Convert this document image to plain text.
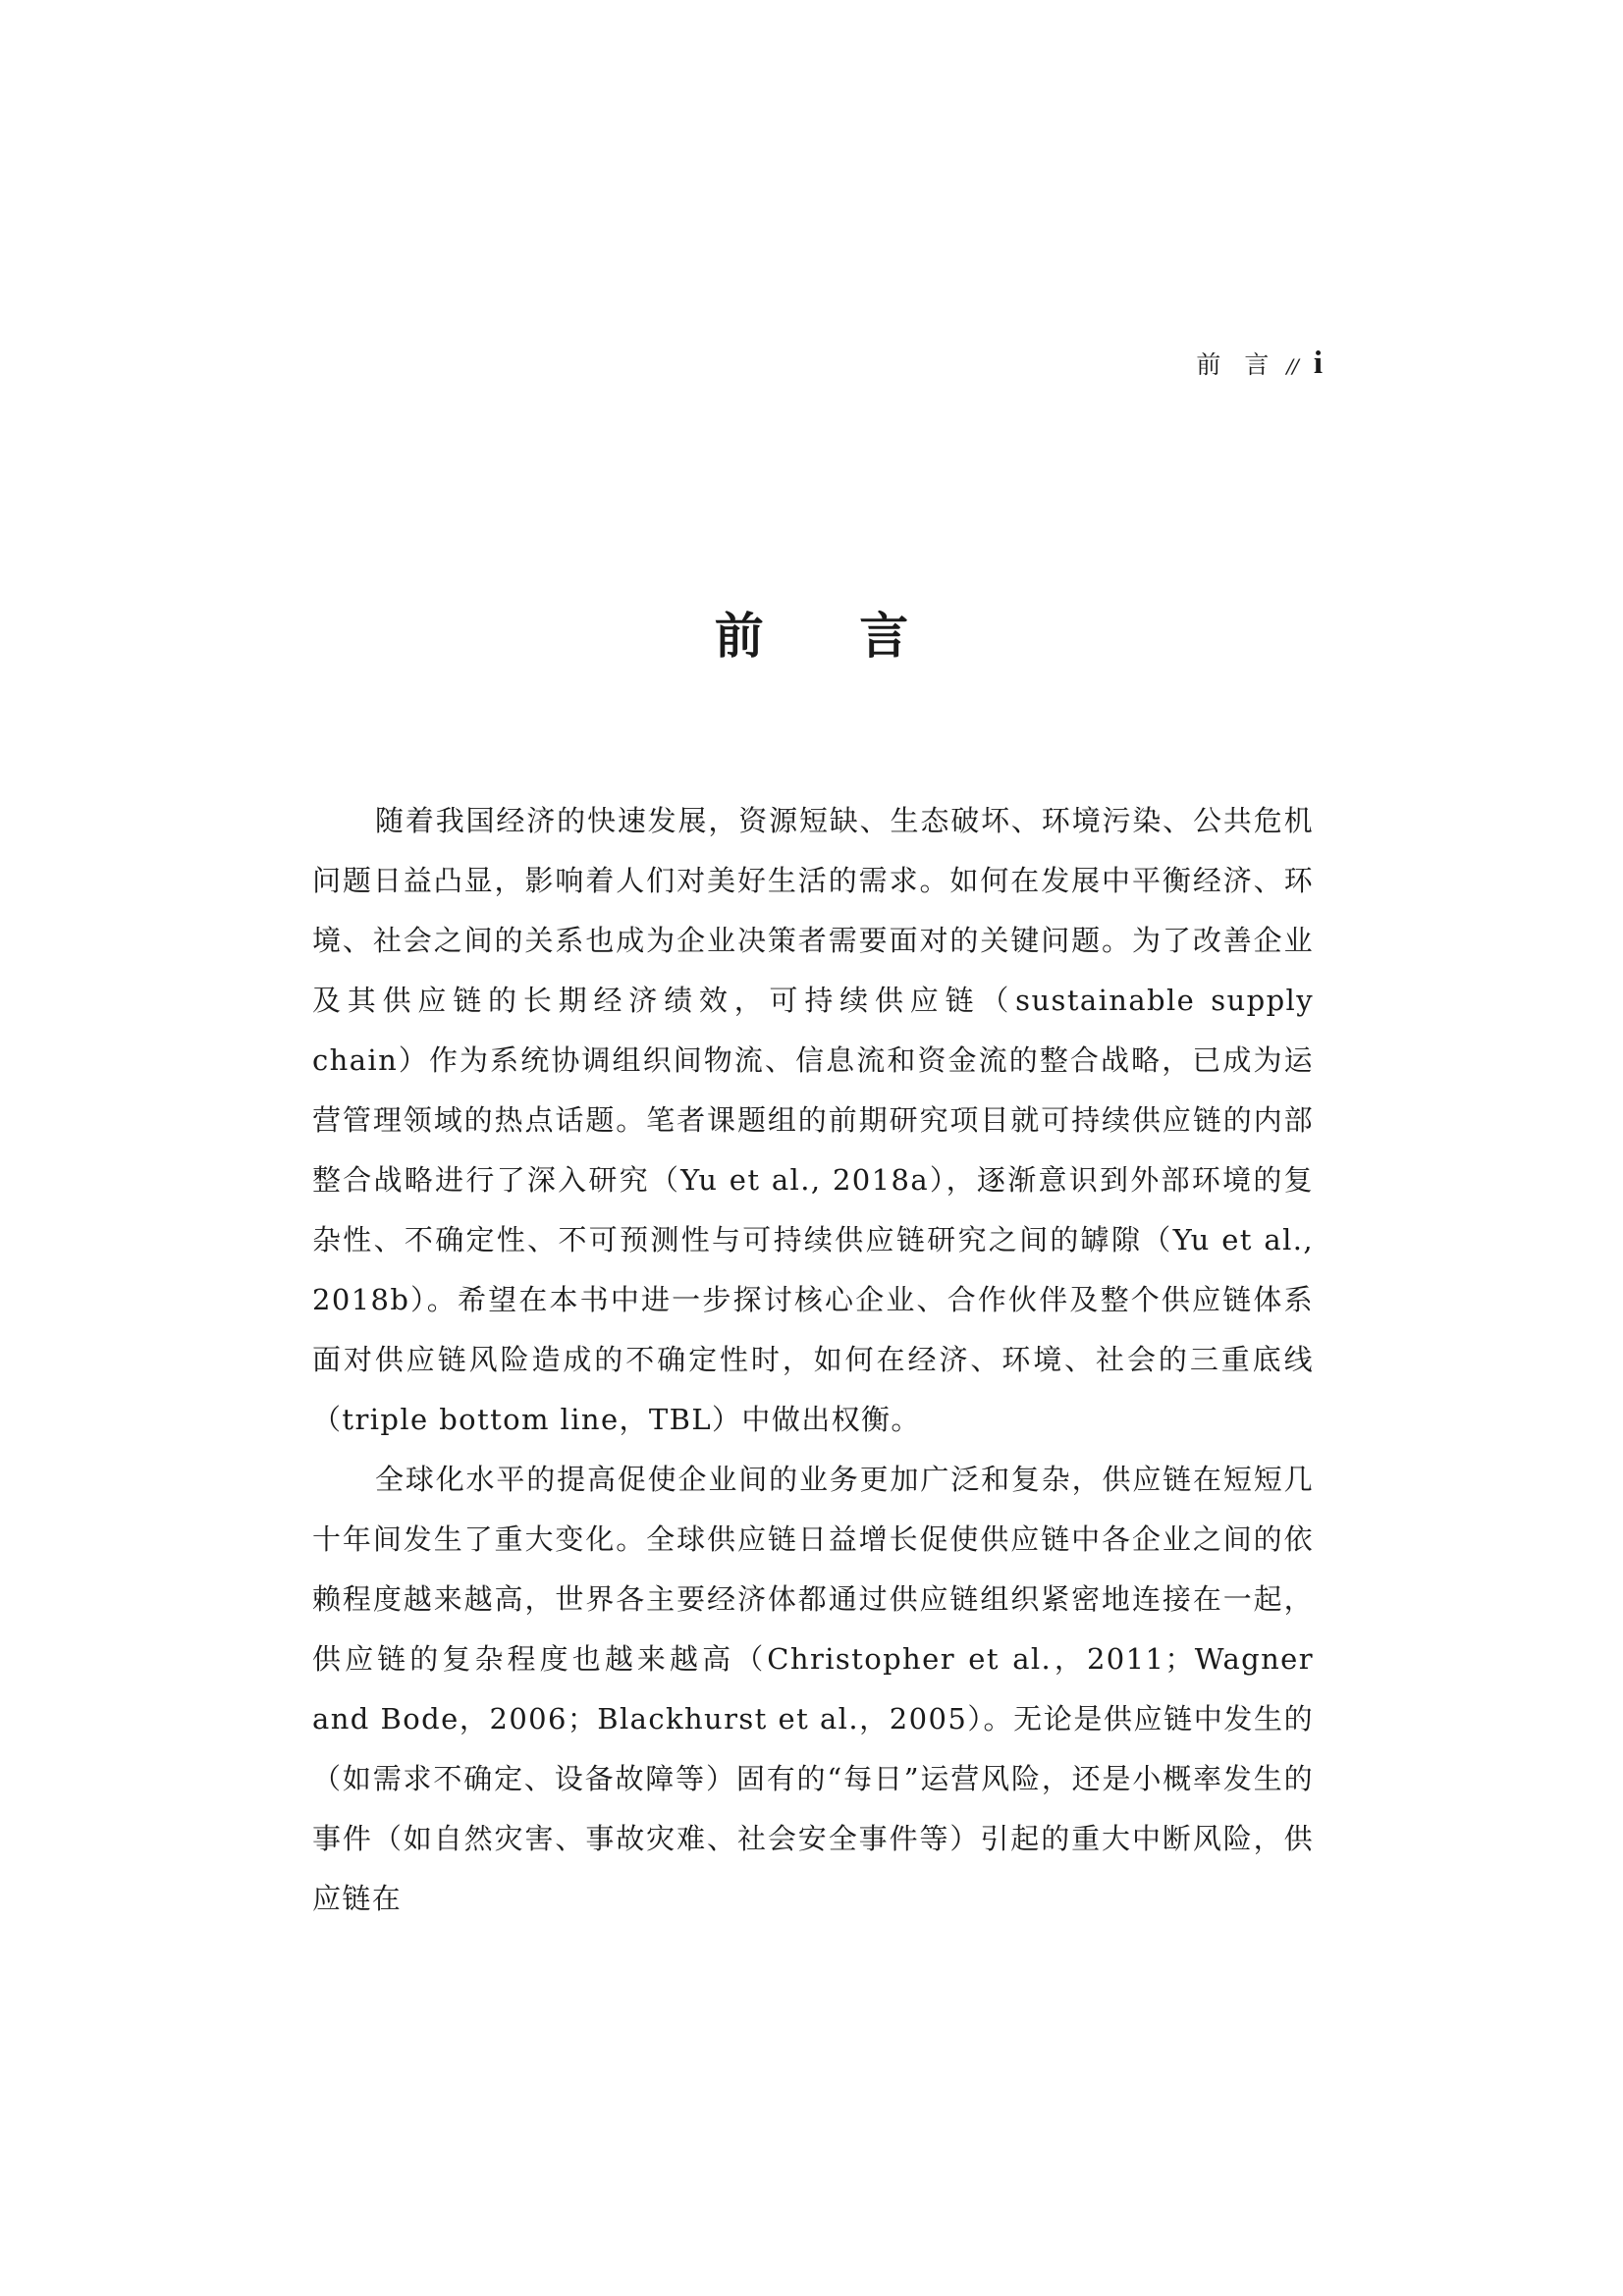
前 言 // i
前 言

随着我国经济的快速发展，资源短缺、生态破坏、环境污染、公共危机问题日益凸显，影响着人们对美好生活的需求。如何在发展中平衡经济、环境、社会之间的关系也成为企业决策者需要面对的关键问题。为了改善企业及其供应链的长期经济绩效，可持续供应链（sustainable supply chain）作为系统协调组织间物流、信息流和资金流的整合战略，已成为运营管理领域的热点话题。笔者课题组的前期研究项目就可持续供应链的内部整合战略进行了深入研究（Yu et al., 2018a），逐渐意识到外部环境的复杂性、不确定性、不可预测性与可持续供应链研究之间的罅隙（Yu et al., 2018b）。希望在本书中进一步探讨核心企业、合作伙伴及整个供应链体系面对供应链风险造成的不确定性时，如何在经济、环境、社会的三重底线（triple bottom line，TBL）中做出权衡。

全球化水平的提高促使企业间的业务更加广泛和复杂，供应链在短短几十年间发生了重大变化。全球供应链日益增长促使供应链中各企业之间的依赖程度越来越高，世界各主要经济体都通过供应链组织紧密地连接在一起，供应链的复杂程度也越来越高（Christopher et al.，2011；Wagner and Bode，2006；Blackhurst et al.，2005）。无论是供应链中发生的（如需求不确定、设备故障等）固有的“每日”运营风险，还是小概率发生的事件（如自然灾害、事故灾难、社会安全事件等）引起的重大中断风险，供应链在
